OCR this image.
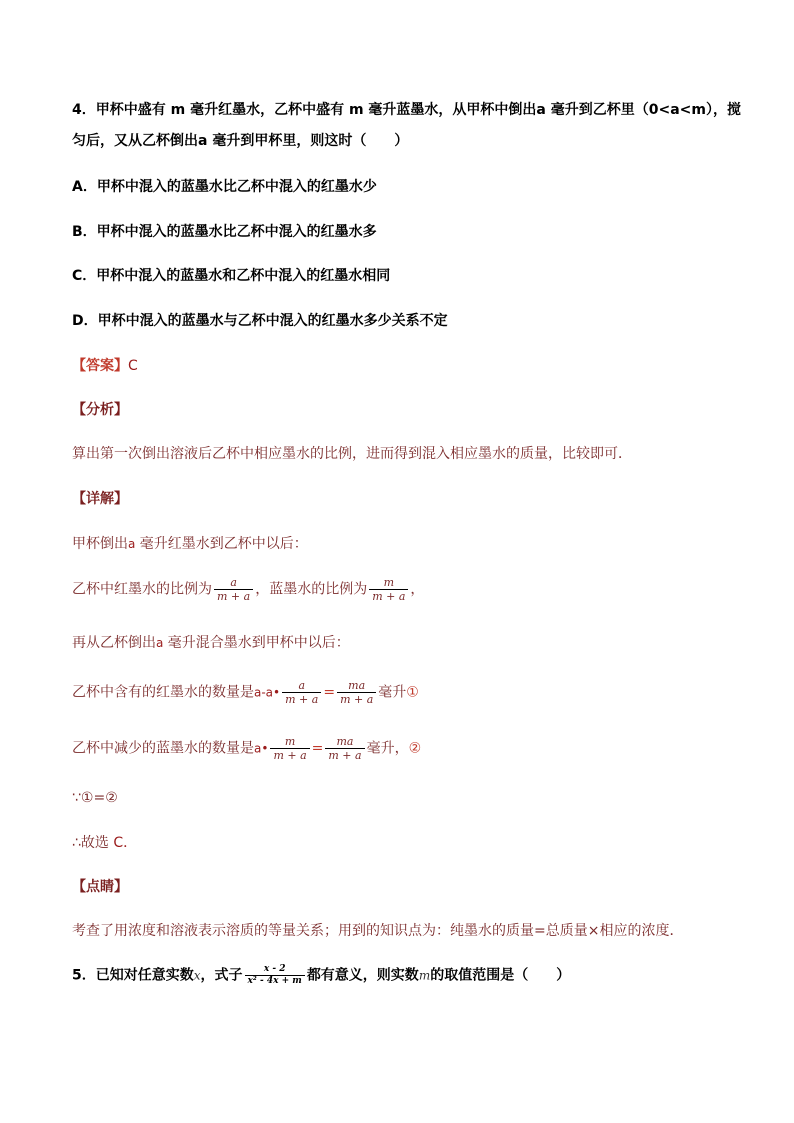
4．甲杯中盛有 m 毫升红墨水，乙杯中盛有 m 毫升蓝墨水，从甲杯中倒出a 毫升到乙杯里（0<a<m），搅

匀后，又从乙杯倒出a 毫升到甲杯里，则这时（　　）

A．甲杯中混入的蓝墨水比乙杯中混入的红墨水少

B．甲杯中混入的蓝墨水比乙杯中混入的红墨水多

C．甲杯中混入的蓝墨水和乙杯中混入的红墨水相同

D．甲杯中混入的蓝墨水与乙杯中混入的红墨水多少关系不定

【答案】C

【分析】

算出第一次倒出溶液后乙杯中相应墨水的比例，进而得到混入相应墨水的质量，比较即可．

【详解】

甲杯倒出a 毫升红墨水到乙杯中以后：

乙杯中红墨水的比例为 $\frac{a}{m + a}$ ，蓝墨水的比例为 $\frac{m}{m + a}$ ，

再从乙杯倒出a 毫升混合墨水到甲杯中以后：

乙杯中含有的红墨水的数量是a-a• $\frac{a}{m + a} = \frac{ma}{m + a}$ 毫升①

乙杯中减少的蓝墨水的数量是a• $\frac{m}{m + a} = \frac{ma}{m + a}$ 毫升，②

∵①=②

∴故选 C．

【点睛】

考查了用浓度和溶液表示溶质的等量关系；用到的知识点为：纯墨水的质量=总质量×相应的浓度．

5．已知对任意实数x，式子 $\frac{x - 2}{\text{x² - 4x + m}}$ 都有意义，则实数m的取值范围是（　　）
